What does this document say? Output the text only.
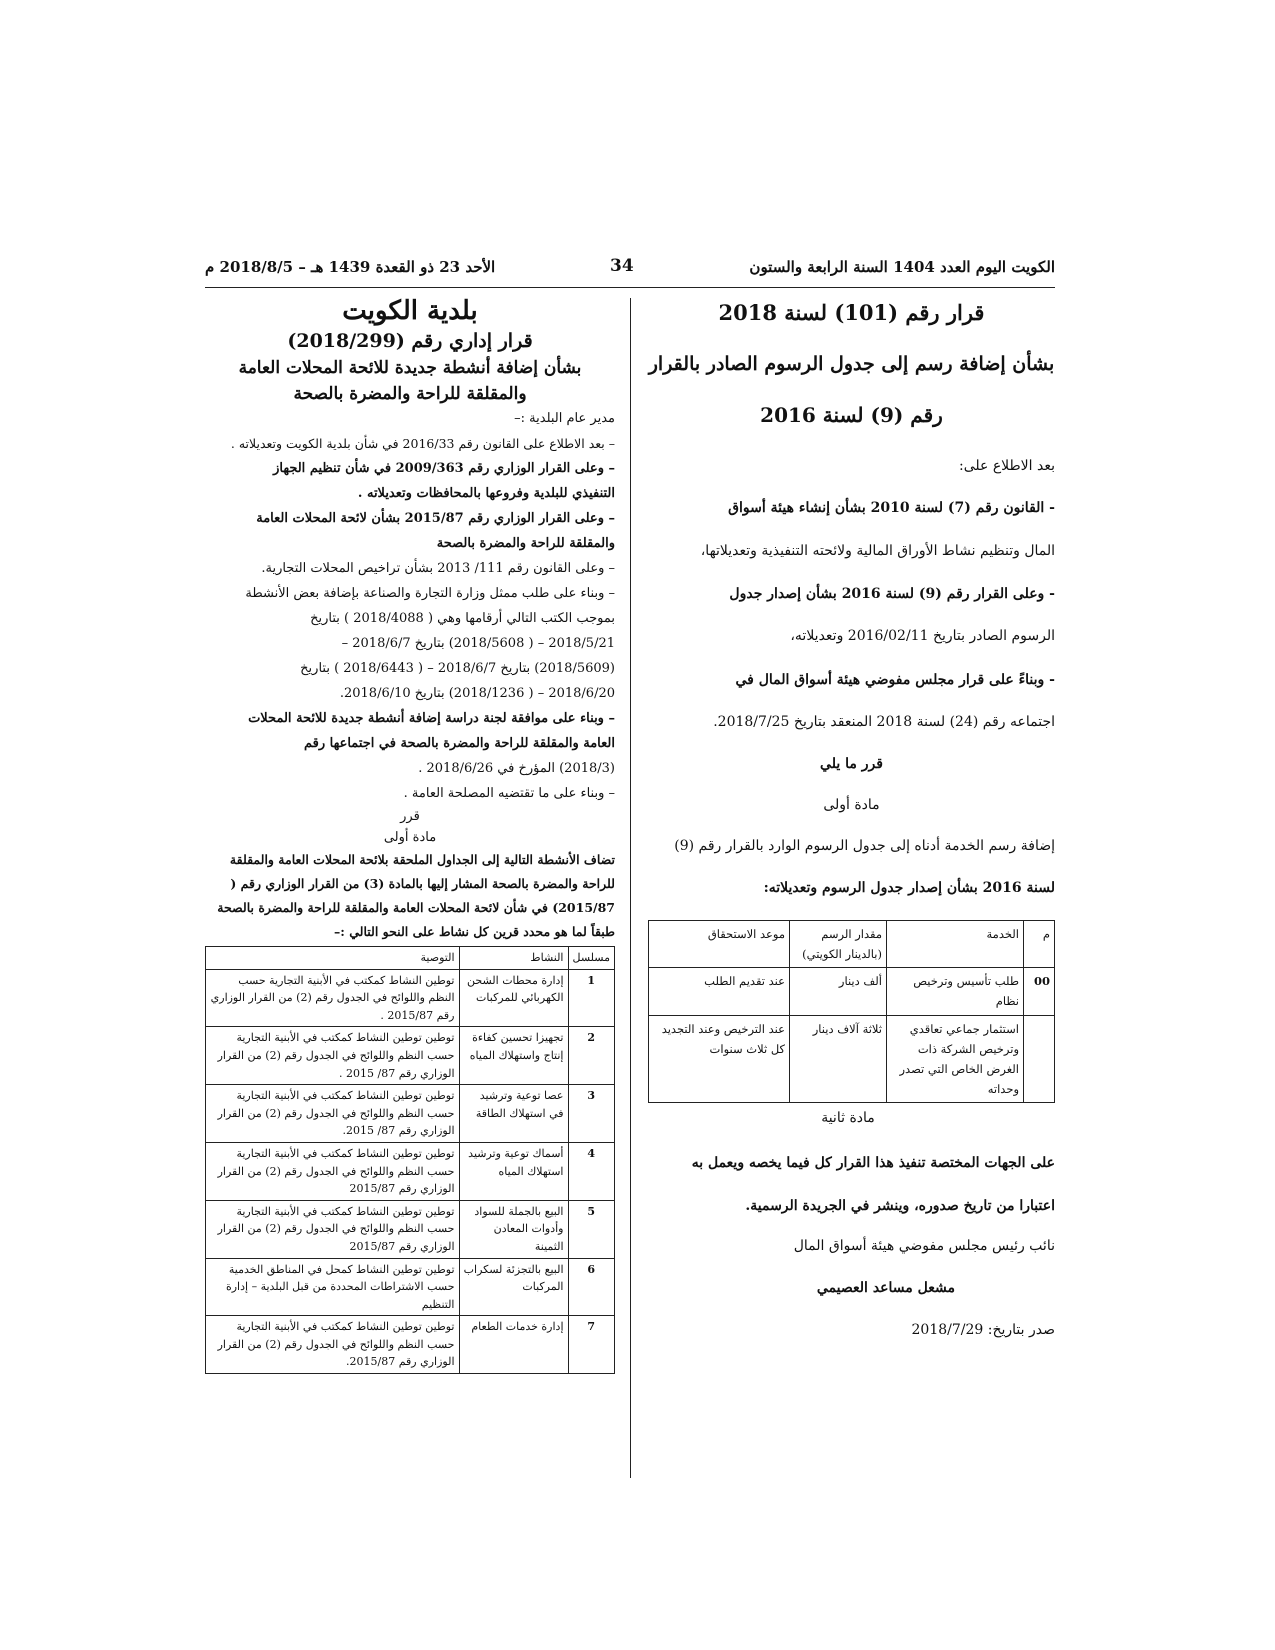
الكويت اليوم العدد 1404 السنة الرابعة والستون
34
الأحد 23 ذو القعدة 1439 هـ – 2018/8/5 م
قرار رقم (101) لسنة 2018
بشأن إضافة رسم إلى جدول الرسوم الصادر بالقرار
رقم (9) لسنة 2016
بعد الاطلاع على:
- القانون رقم (7) لسنة 2010 بشأن إنشاء هيئة أسواق
المال وتنظيم نشاط الأوراق المالية ولائحته التنفيذية وتعديلاتها،
- وعلى القرار رقم (9) لسنة 2016 بشأن إصدار جدول
الرسوم الصادر بتاريخ 2016/02/11 وتعديلاته،
- وبناءً على قرار مجلس مفوضي هيئة أسواق المال في
اجتماعه رقم (24) لسنة 2018 المنعقد بتاريخ 2018/7/25.
قرر ما يلي
مادة أولى
إضافة رسم الخدمة أدناه إلى جدول الرسوم الوارد بالقرار رقم (9)
لسنة 2016 بشأن إصدار جدول الرسوم وتعديلاته:
م	الخدمة	مقدار الرسم (بالدينار الكويتي)	موعد الاستحقاق
00	طلب تأسيس وترخيص نظام	ألف دينار	عند تقديم الطلب
	استثمار جماعي تعاقدي وترخيص الشركة ذات الغرض الخاص التي تصدر وحداته	ثلاثة آلاف دينار	عند الترخيص وعند التجديد كل ثلاث سنوات
مادة ثانية
على الجهات المختصة تنفيذ هذا القرار كل فيما يخصه ويعمل به
اعتبارا من تاريخ صدوره، وينشر في الجريدة الرسمية.
نائب رئيس مجلس مفوضي هيئة أسواق المال
مشعل مساعد العصيمي
صدر بتاريخ: 2018/7/29
بلدية الكويت
قرار إداري رقم (2018/299)
بشأن إضافة أنشطة جديدة للائحة المحلات العامة
والمقلقة للراحة والمضرة بالصحة
مدير عام البلدية :–
– بعد الاطلاع على القانون رقم 2016/33 في شأن بلدية الكويت وتعديلاته .
– وعلى القرار الوزاري رقم 2009/363 في شأن تنظيم الجهاز
التنفيذي للبلدية وفروعها بالمحافظات وتعديلاته .
– وعلى القرار الوزاري رقم 2015/87 بشأن لائحة المحلات العامة
والمقلقة للراحة والمضرة بالصحة
– وعلى القانون رقم 111/ 2013 بشأن تراخيص المحلات التجارية.
– وبناء على طلب ممثل وزارة التجارة والصناعة بإضافة بعض الأنشطة
بموجب الكتب التالي أرقامها وهي ( 2018/4088 ) بتاريخ
2018/5/21 – ( 2018/5608) بتاريخ 2018/6/7 –
(2018/5609) بتاريخ 2018/6/7 – ( 2018/6443 ) بتاريخ
2018/6/20 – ( 2018/1236) بتاريخ 2018/6/10.
– وبناء على موافقة لجنة دراسة إضافة أنشطة جديدة للائحة المحلات
العامة والمقلقة للراحة والمضرة بالصحة في اجتماعها رقم
(2018/3) المؤرخ في 2018/6/26 .
– وبناء على ما تقتضيه المصلحة العامة .
قرر
مادة أولى
تضاف الأنشطة التالية إلى الجداول الملحقة بلائحة المحلات العامة والمقلقة
للراحة والمضرة بالصحة المشار إليها بالمادة (3) من القرار الوزاري رقم (
2015/87) في شأن لائحة المحلات العامة والمقلقة للراحة والمضرة بالصحة
طبقاً لما هو محدد قرين كل نشاط على النحو التالي :–
مسلسل	النشاط	التوصية
1	إدارة محطات الشحن الكهربائي للمركبات	توطين النشاط كمكتب في الأبنية التجارية حسب النظم واللوائح في الجدول رقم (2) من القرار الوزاري رقم 2015/87 .
2	تجهيزا تحسين كفاءة إنتاج واستهلاك المياه	توطين توطين النشاط كمكتب في الأبنية التجارية حسب النظم واللوائح في الجدول رقم (2) من القرار الوزاري رقم 87/ 2015 .
3	عصا توعية وترشيد في استهلاك الطاقة	توطين توطين النشاط كمكتب في الأبنية التجارية حسب النظم واللوائح في الجدول رقم (2) من القرار الوزاري رقم 87/ 2015.
4	أسماك توعية وترشيد استهلاك المياه	توطين توطين النشاط كمكتب في الأبنية التجارية حسب النظم واللوائح في الجدول رقم (2) من القرار الوزاري رقم 2015/87
5	البيع بالجملة للسواد وأدوات المعادن الثمينة	توطين توطين النشاط كمكتب في الأبنية التجارية حسب النظم واللوائح في الجدول رقم (2) من القرار الوزاري رقم 2015/87
6	البيع بالتجزئة لسكراب المركبات	توطين توطين النشاط كمحل في المناطق الخدمية حسب الاشتراطات المحددة من قبل البلدية – إدارة التنظيم
7	إدارة خدمات الطعام	توطين توطين النشاط كمكتب في الأبنية التجارية حسب النظم واللوائح في الجدول رقم (2) من القرار الوزاري رقم 2015/87.
